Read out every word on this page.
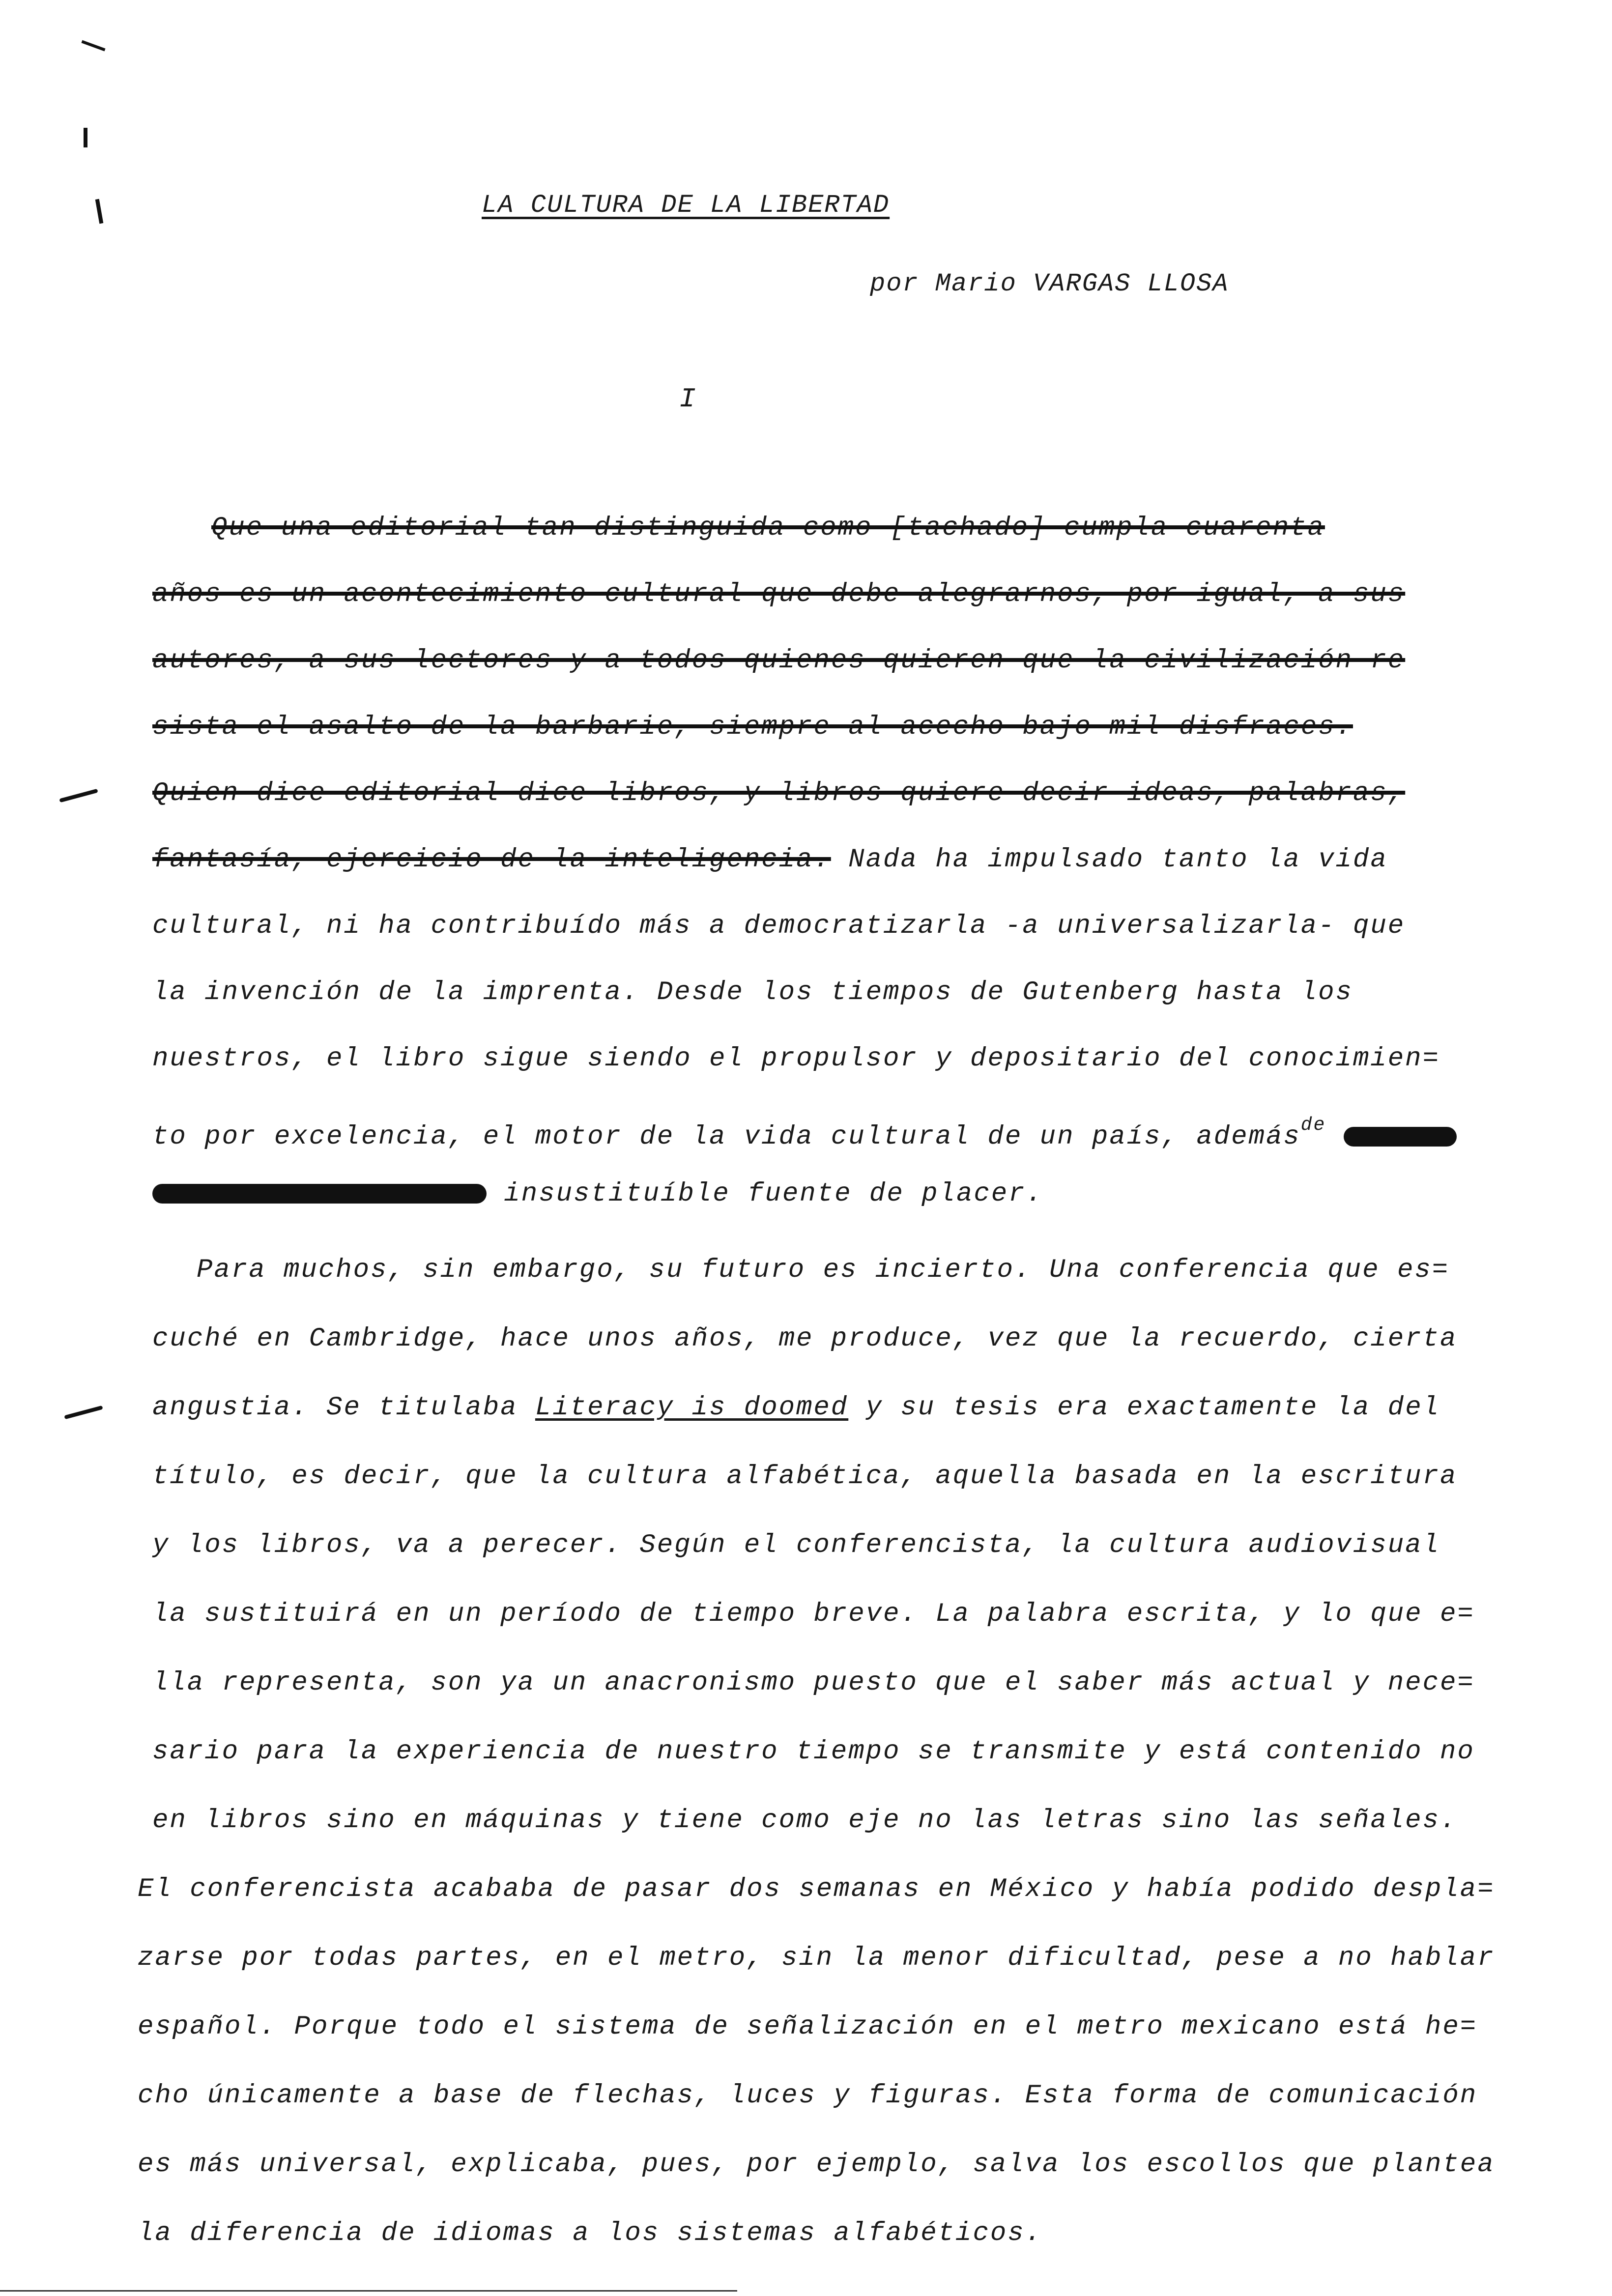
LA CULTURA DE LA LIBERTAD
por Mario VARGAS LLOSA
I
Que una editorial tan distinguida como [tachado] cumpla cuarenta
años es un acontecimiento cultural que debe alegrarnos, por igual, a sus
autores, a sus lectores y a todos quienes quieren que la civilización re
sista el asalto de la barbarie, siempre al acecho bajo mil disfraces.
Quien dice editorial dice libros, y libros quiere decir ideas, palabras,
fantasía, ejercicio de la inteligencia. Nada ha impulsado tanto la vida
cultural, ni ha contribuído más a democratizarla -a universalizarla- que
la invención de la imprenta. Desde los tiempos de Gutenberg hasta los
nuestros, el libro sigue siendo el propulsor y depositario del conocimien=
to por excelencia, el motor de la vida cultural de un país, además$^{de}$
insustituíble fuente de placer.
Para muchos, sin embargo, su futuro es incierto. Una conferencia que es=
cuché en Cambridge, hace unos años, me produce, vez que la recuerdo, cierta
angustia. Se titulaba Literacy is doomed y su tesis era exactamente la del
título, es decir, que la cultura alfabética, aquella basada en la escritura
y los libros, va a perecer. Según el conferencista, la cultura audiovisual
la sustituirá en un período de tiempo breve. La palabra escrita, y lo que e=
lla representa, son ya un anacronismo puesto que el saber más actual y nece=
sario para la experiencia de nuestro tiempo se transmite y está contenido no
en libros sino en máquinas y tiene como eje no las letras sino las señales.
El conferencista acababa de pasar dos semanas en México y había podido despla=
zarse por todas partes, en el metro, sin la menor dificultad, pese a no hablar
español. Porque todo el sistema de señalización en el metro mexicano está he=
cho únicamente a base de flechas, luces y figuras. Esta forma de comunicación
es más universal, explicaba, pues, por ejemplo, salva los escollos que plantea
la diferencia de idiomas a los sistemas alfabéticos.
